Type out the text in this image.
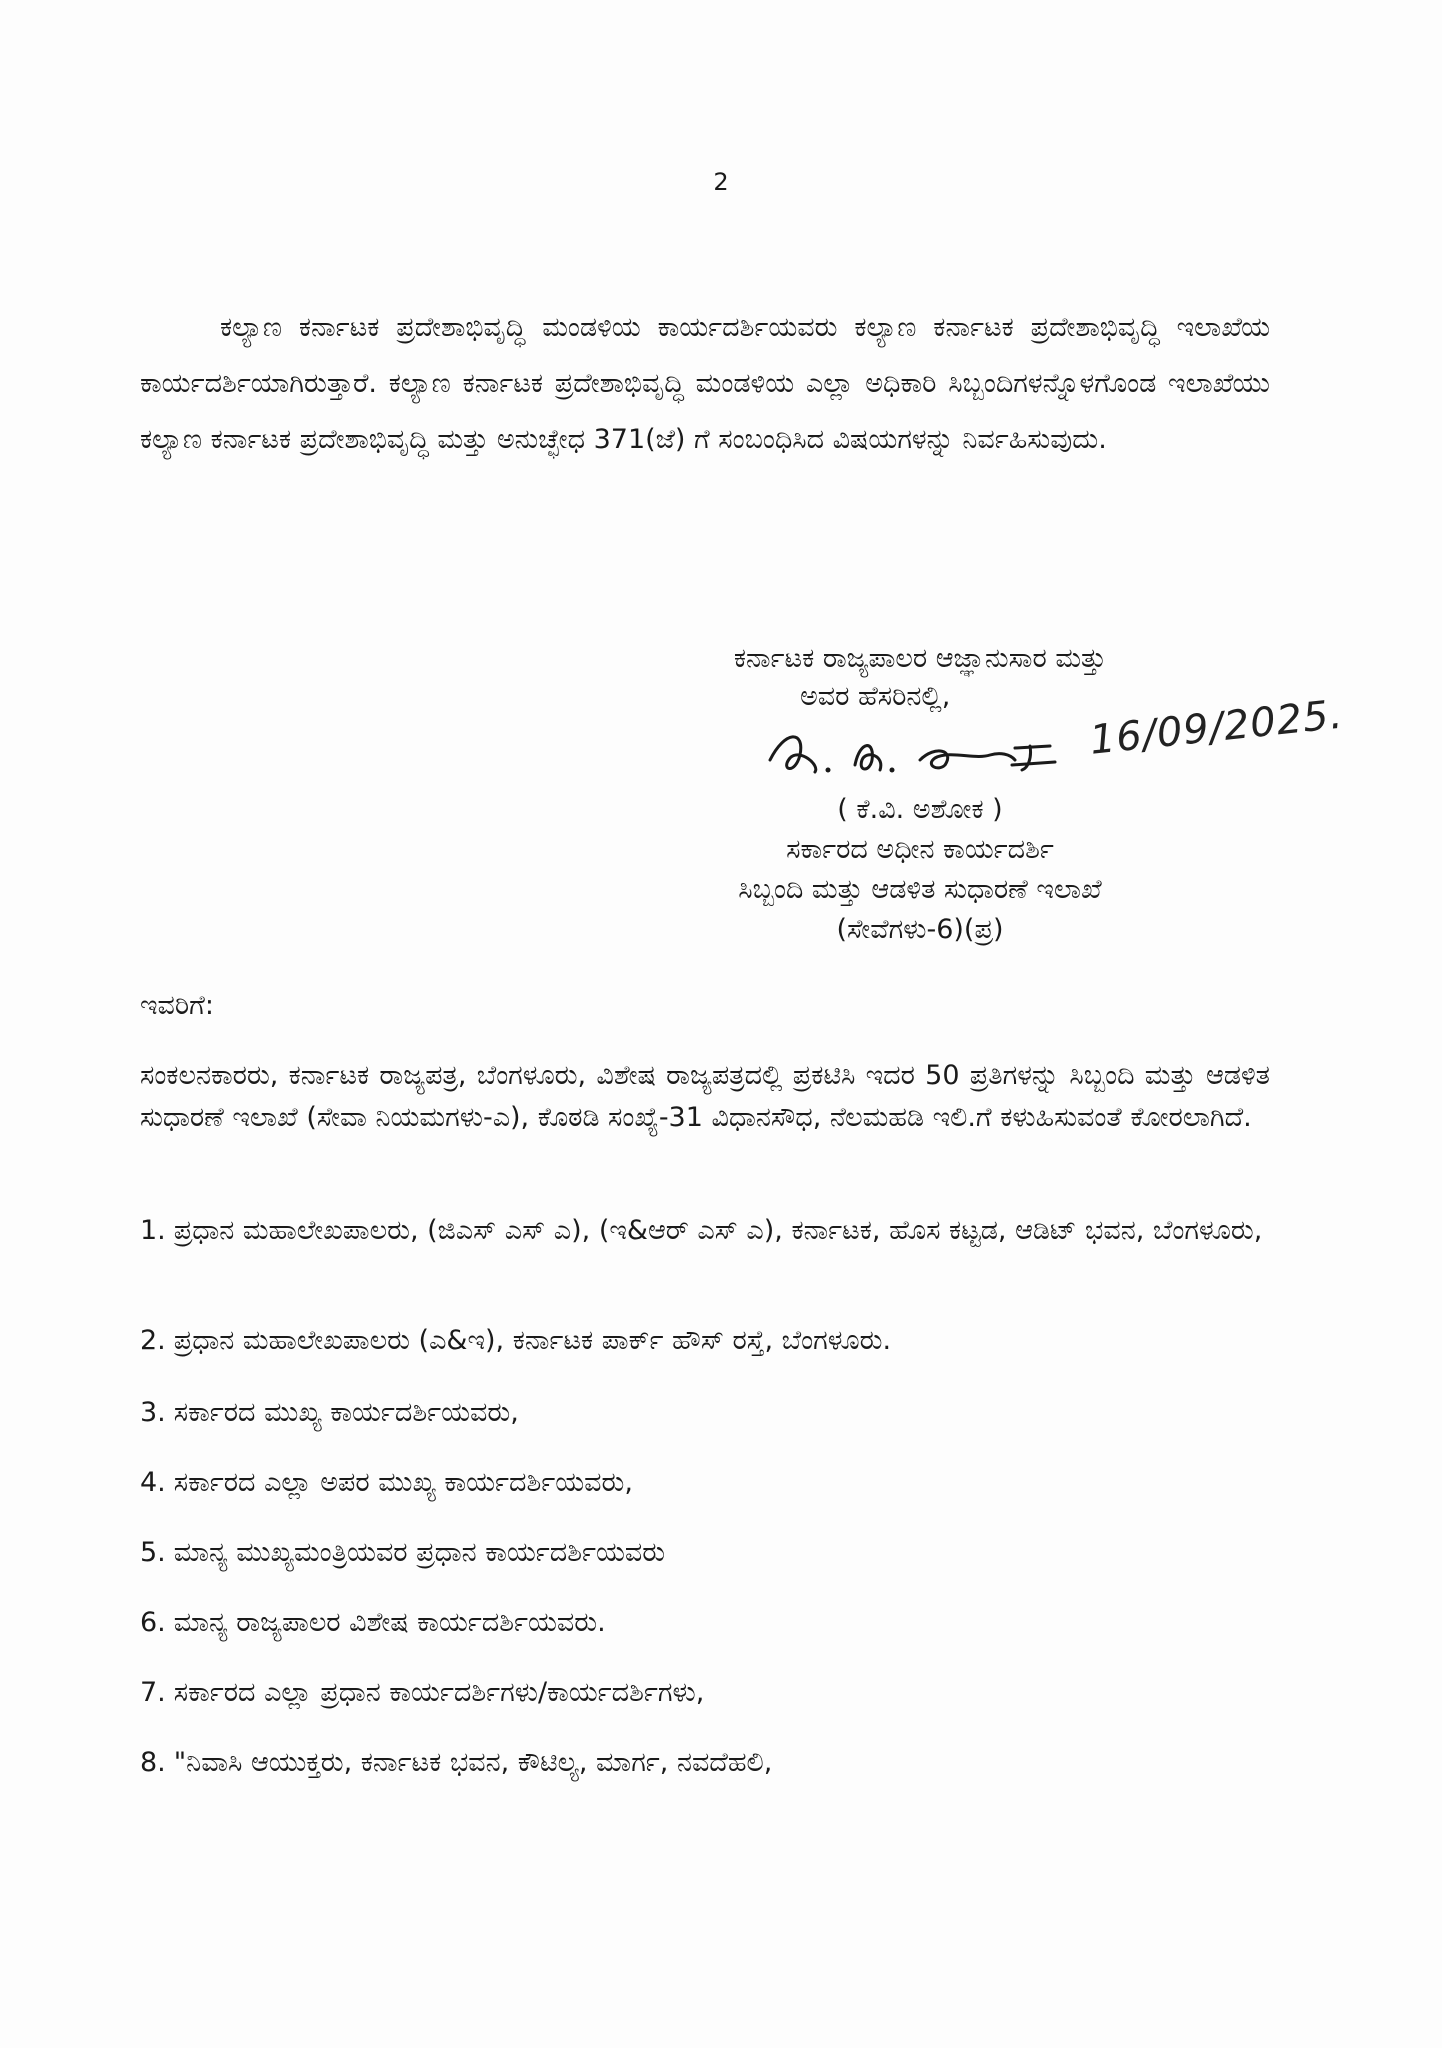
2

ಕಲ್ಯಾಣ ಕರ್ನಾಟಕ ಪ್ರದೇಶಾಭಿವೃದ್ಧಿ ಮಂಡಳಿಯ ಕಾರ್ಯದರ್ಶಿಯವರು ಕಲ್ಯಾಣ ಕರ್ನಾಟಕ ಪ್ರದೇಶಾಭಿವೃದ್ಧಿ ಇಲಾಖೆಯ ಕಾರ್ಯದರ್ಶಿಯಾಗಿರುತ್ತಾರೆ. ಕಲ್ಯಾಣ ಕರ್ನಾಟಕ ಪ್ರದೇಶಾಭಿವೃದ್ಧಿ ಮಂಡಳಿಯ ಎಲ್ಲಾ ಅಧಿಕಾರಿ ಸಿಬ್ಬಂದಿಗಳನ್ನೊಳಗೊಂಡ ಇಲಾಖೆಯು ಕಲ್ಯಾಣ ಕರ್ನಾಟಕ ಪ್ರದೇಶಾಭಿವೃದ್ಧಿ ಮತ್ತು ಅನುಚ್ಛೇಧ 371(ಜೆ) ಗೆ ಸಂಬಂಧಿಸಿದ ವಿಷಯಗಳನ್ನು ನಿರ್ವಹಿಸುವುದು.

ಕರ್ನಾಟಕ ರಾಜ್ಯಪಾಲರ ಆಜ್ಞಾನುಸಾರ ಮತ್ತು
ಅವರ ಹೆಸರಿನಲ್ಲಿ,	16/09/2025.
( ಕೆ.ವಿ. ಅಶೋಕ )
ಸರ್ಕಾರದ ಅಧೀನ ಕಾರ್ಯದರ್ಶಿ
ಸಿಬ್ಬಂದಿ ಮತ್ತು ಆಡಳಿತ ಸುಧಾರಣೆ ಇಲಾಖೆ
(ಸೇವೆಗಳು-6)(ಪ್ರ)
ಇವರಿಗೆ:

ಸಂಕಲನಕಾರರು, ಕರ್ನಾಟಕ ರಾಜ್ಯಪತ್ರ, ಬೆಂಗಳೂರು, ವಿಶೇಷ ರಾಜ್ಯಪತ್ರದಲ್ಲಿ ಪ್ರಕಟಿಸಿ ಇದರ 50 ಪ್ರತಿಗಳನ್ನು ಸಿಬ್ಬಂದಿ ಮತ್ತು ಆಡಳಿತ ಸುಧಾರಣೆ ಇಲಾಖೆ (ಸೇವಾ ನಿಯಮಗಳು-ಎ), ಕೊಠಡಿ ಸಂಖ್ಯೆ-31 ವಿಧಾನಸೌಧ, ನೆಲಮಹಡಿ ಇಲಿ.ಗೆ ಕಳುಹಿಸುವಂತೆ ಕೋರಲಾಗಿದೆ.

1. ಪ್ರಧಾನ ಮಹಾಲೇಖಪಾಲರು, (ಜಿಎಸ್ ಎಸ್ ಎ), (ಇ&ಆರ್ ಎಸ್ ಎ), ಕರ್ನಾಟಕ, ಹೊಸ ಕಟ್ಟಡ, ಆಡಿಟ್ ಭವನ, ಬೆಂಗಳೂರು,
2. ಪ್ರಧಾನ ಮಹಾಲೇಖಪಾಲರು (ಎ&ಇ), ಕರ್ನಾಟಕ ಪಾರ್ಕ್ ಹೌಸ್ ರಸ್ತೆ, ಬೆಂಗಳೂರು.
3. ಸರ್ಕಾರದ ಮುಖ್ಯ ಕಾರ್ಯದರ್ಶಿಯವರು,
4. ಸರ್ಕಾರದ ಎಲ್ಲಾ ಅಪರ ಮುಖ್ಯ ಕಾರ್ಯದರ್ಶಿಯವರು,
5. ಮಾನ್ಯ ಮುಖ್ಯಮಂತ್ರಿಯವರ ಪ್ರಧಾನ ಕಾರ್ಯದರ್ಶಿಯವರು
6. ಮಾನ್ಯ ರಾಜ್ಯಪಾಲರ ವಿಶೇಷ ಕಾರ್ಯದರ್ಶಿಯವರು.
7. ಸರ್ಕಾರದ ಎಲ್ಲಾ ಪ್ರಧಾನ ಕಾರ್ಯದರ್ಶಿಗಳು/ಕಾರ್ಯದರ್ಶಿಗಳು,
8. "ನಿವಾಸಿ ಆಯುಕ್ತರು, ಕರ್ನಾಟಕ ಭವನ, ಕೌಟಿಲ್ಯ, ಮಾರ್ಗ, ನವದೆಹಲಿ,
